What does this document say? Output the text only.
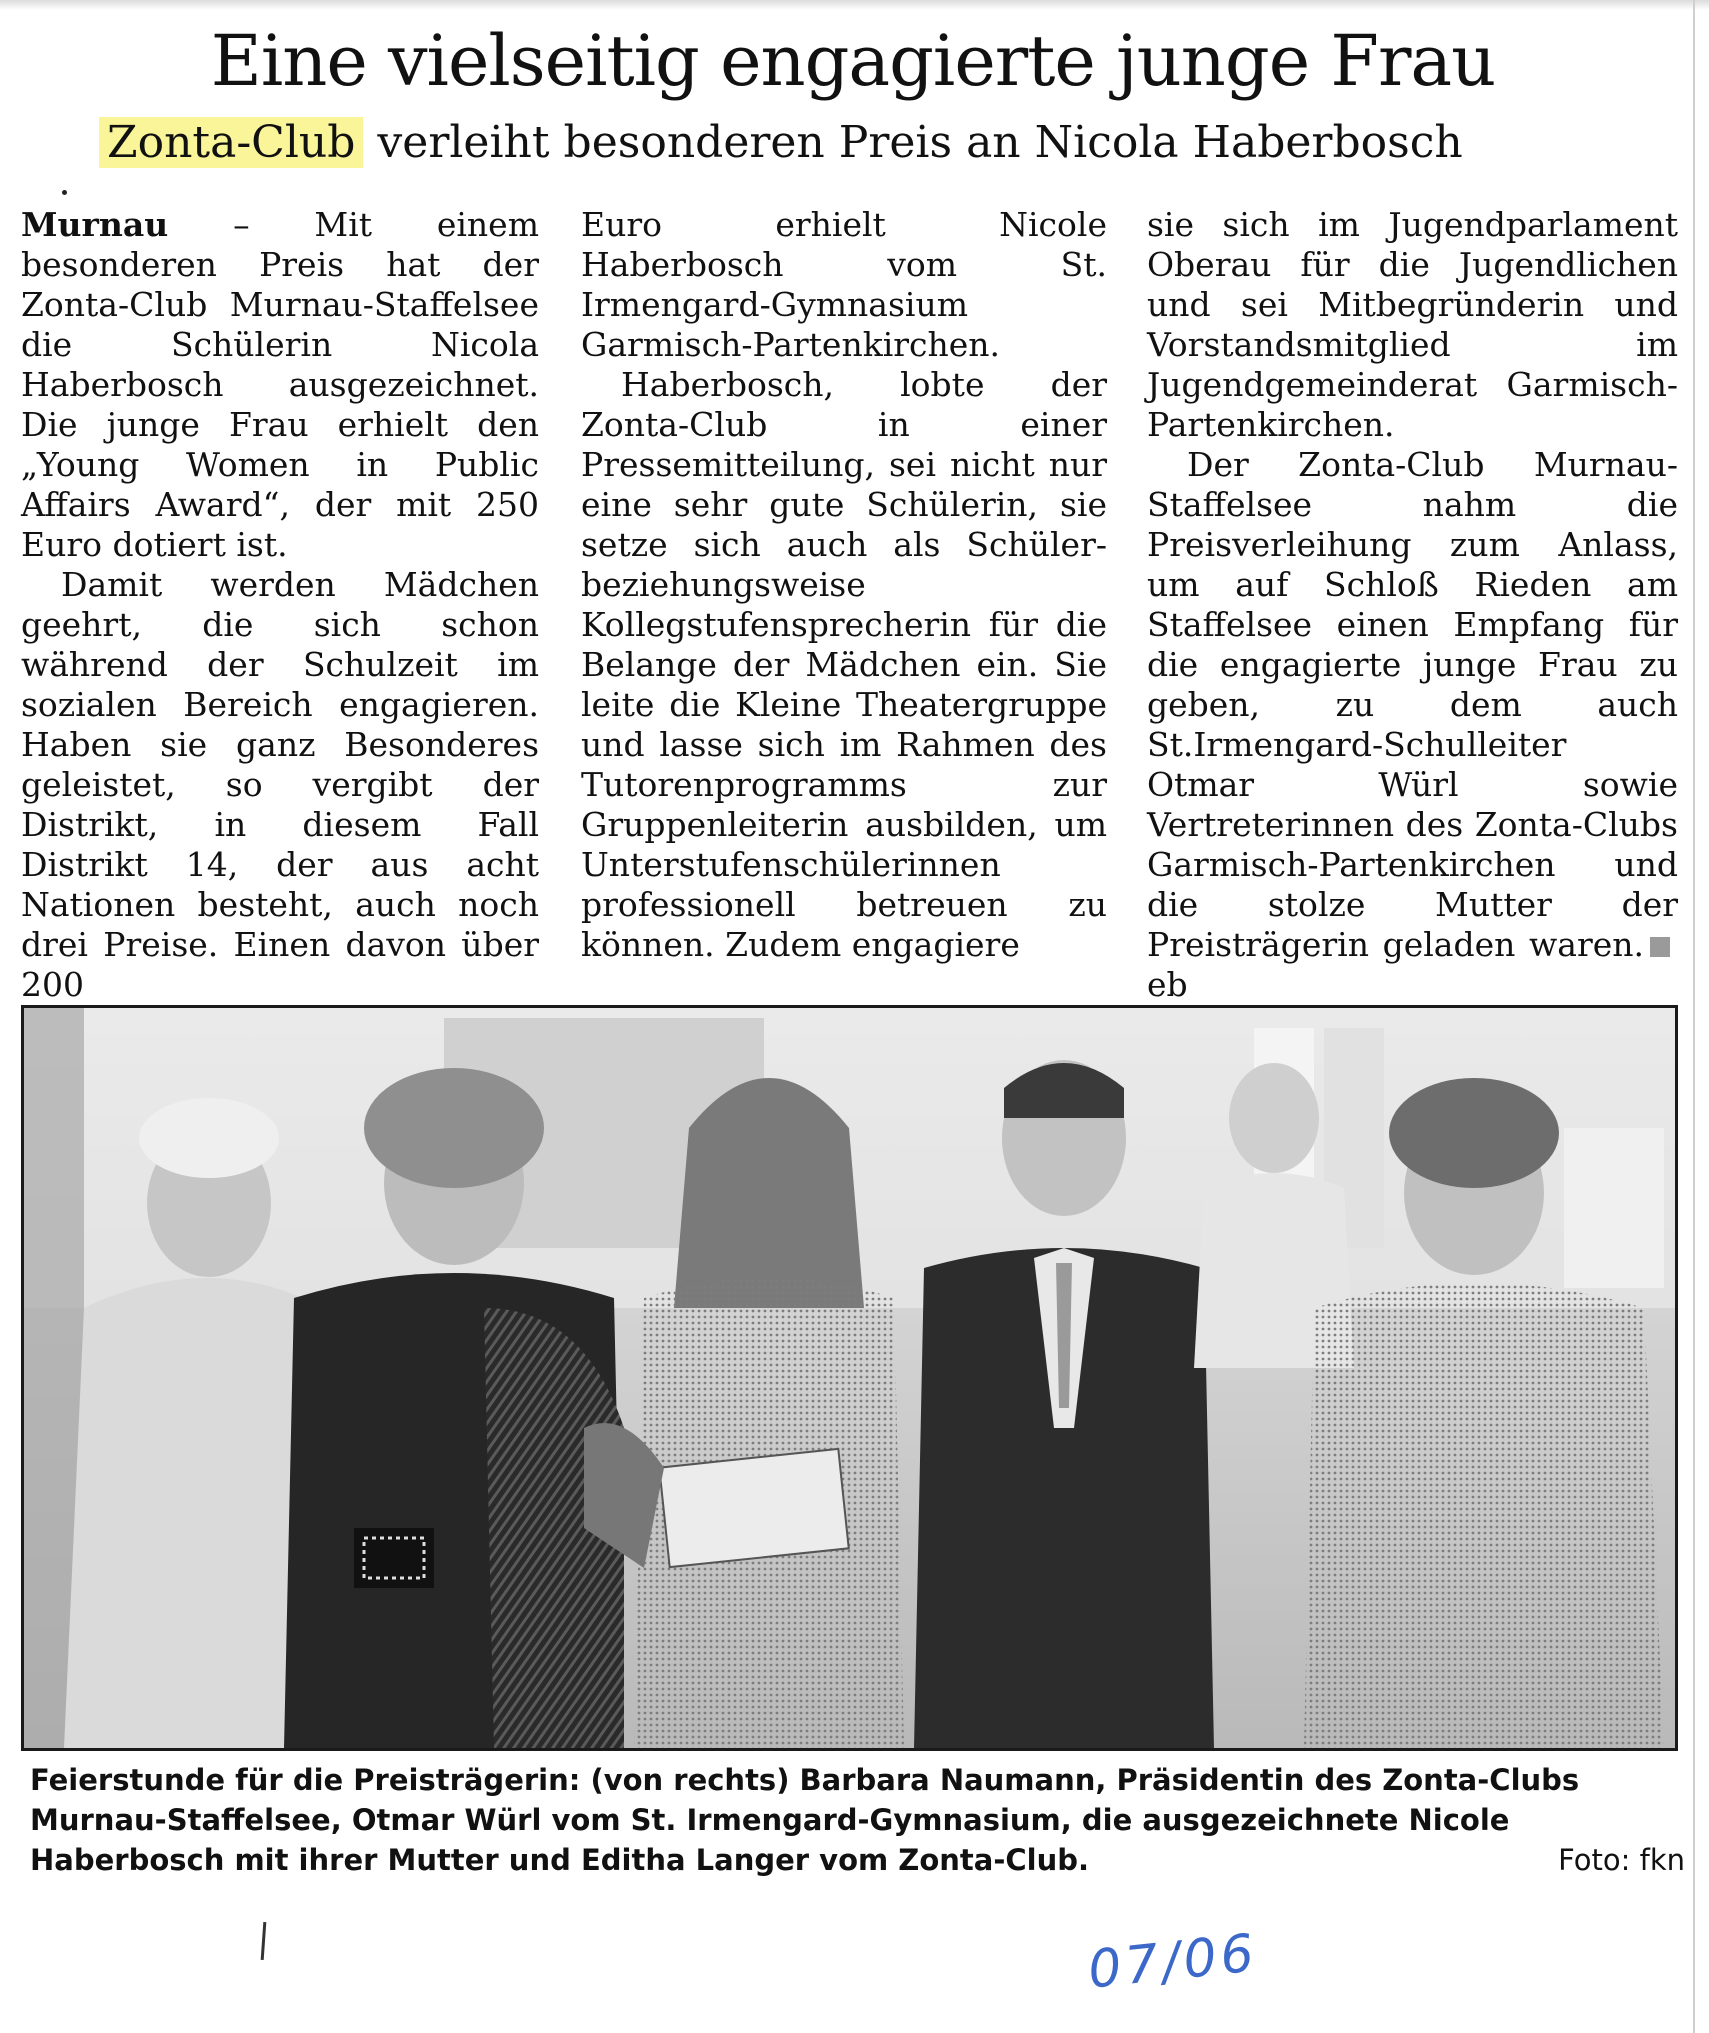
Eine vielseitig engagierte junge Frau

Zonta-Club verleiht besonderen Preis an Nicola Haberbosch

Murnau – Mit einem besonderen Preis hat der Zonta-Club Murnau-Staffelsee die Schülerin Nicola Haberbosch ausgezeichnet. Die junge Frau erhielt den „Young Women in Public Affairs Award“, der mit 250 Euro dotiert ist.

Damit werden Mädchen geehrt, die sich schon während der Schulzeit im sozialen Bereich engagieren. Haben sie ganz Besonderes geleistet, so vergibt der Distrikt, in diesem Fall Distrikt 14, der aus acht Nationen besteht, auch noch drei Preise. Einen davon über 200

Euro erhielt Nicole Haberbosch vom St. Irmengard-Gymnasium Garmisch-Partenkirchen.

Haberbosch, lobte der Zonta-Club in einer Pressemitteilung, sei nicht nur eine sehr gute Schülerin, sie setze sich auch als Schüler- beziehungsweise Kollegstufensprecherin für die Belange der Mädchen ein. Sie leite die Kleine Theatergruppe und lasse sich im Rahmen des Tutorenprogramms zur Gruppenleiterin ausbilden, um Unterstufenschülerinnen professionell betreuen zu können. Zudem engagiere

sie sich im Jugendparlament Oberau für die Jugendlichen und sei Mitbegründerin und Vorstandsmitglied im Jugendgemeinderat Garmisch-Partenkirchen.

Der Zonta-Club Murnau-Staffelsee nahm die Preisverleihung zum Anlass, um auf Schloß Rieden am Staffelsee einen Empfang für die engagierte junge Frau zu geben, zu dem auch St.Irmengard-Schulleiter Otmar Würl sowie Vertreterinnen des Zonta-Clubs Garmisch-Partenkirchen und die stolze Mutter der Preisträgerin geladen waren.eb

Feierstunde für die Preisträgerin: (von rechts) Barbara Naumann, Präsidentin des Zonta-Clubs Murnau-Staffelsee, Otmar Würl vom St. Irmengard-Gymnasium, die ausgezeichnete Nicole Haberbosch mit ihrer Mutter und Editha Langer vom Zonta-Club.	Foto: fkn

07/06
